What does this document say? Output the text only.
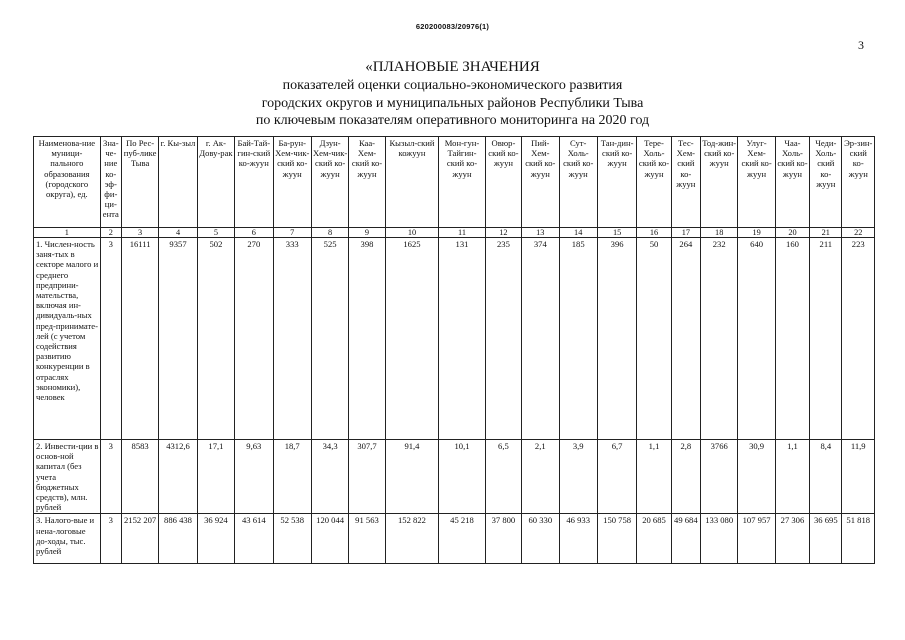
620200083/20976(1)
3
«ПЛАНОВЫЕ ЗНАЧЕНИЯ
показателей оценки социально-экономического развития
городских округов и муниципальных районов Республики Тыва
по ключевым показателям оперативного мониторинга на 2020 год
Наименова-ние муници-пального образования (городского округа), ед.	Зна-че-ние ко-эф-фи-ци-ента	По Рес-пуб-лике Тыва	г. Кы-зыл	г. Ак-Дову-рак	Бай-Тай-гин-ский ко-жуун	Ба-рун-Хем-чик-ский ко-жуун	Дзун-Хем-чик-ский ко-жуун	Каа-Хем-ский ко-жуун	Кызыл-ский кожуун	Мон-гун-Тайгин-ский ко-жуун	Овюр-ский ко-жуун	Пий-Хем-ский ко-жуун	Сут-Холь-ский ко-жуун	Тан-дин-ский ко-жуун	Тере-Холь-ский ко-жуун	Тес-Хем-ский ко-жуун	Тод-жин-ский ко-жуун	Улуг-Хем-ский ко-жуун	Чаа-Холь-ский ко-жуун	Чеди-Холь-ский ко-жуун	Эр-зин-ский ко-жуун
1	2	3	4	5	6	7	8	9	10	11	12	13	14	15	16	17	18	19	20	21	22
1. Числен-ность заня-тых в секторе малого и среднего предприни-мательства, включая ин-дивидуаль-ных пред-принимате-лей (с учетом содействия развитию конкуренции в отраслях экономики), человек	3	16111	9357	502	270	333	525	398	1625	131	235	374	185	396	50	264	232	640	160	211	223
2. Инвести-ции в основ-ной капитал (без учета бюджетных средств), млн. рублей	3	8583	4312,6	17,1	9,63	18,7	34,3	307,7	91,4	10,1	6,5	2,1	3,9	6,7	1,1	2,8	3766	30,9	1,1	8,4	11,9
3. Налого-вые и нена-логовые до-ходы, тыс. рублей	3	2152 207	886 438	36 924	43 614	52 538	120 044	91 563	152 822	45 218	37 800	60 330	46 933	150 758	20 685	49 684	133 080	107 957	27 306	36 695	51 818
